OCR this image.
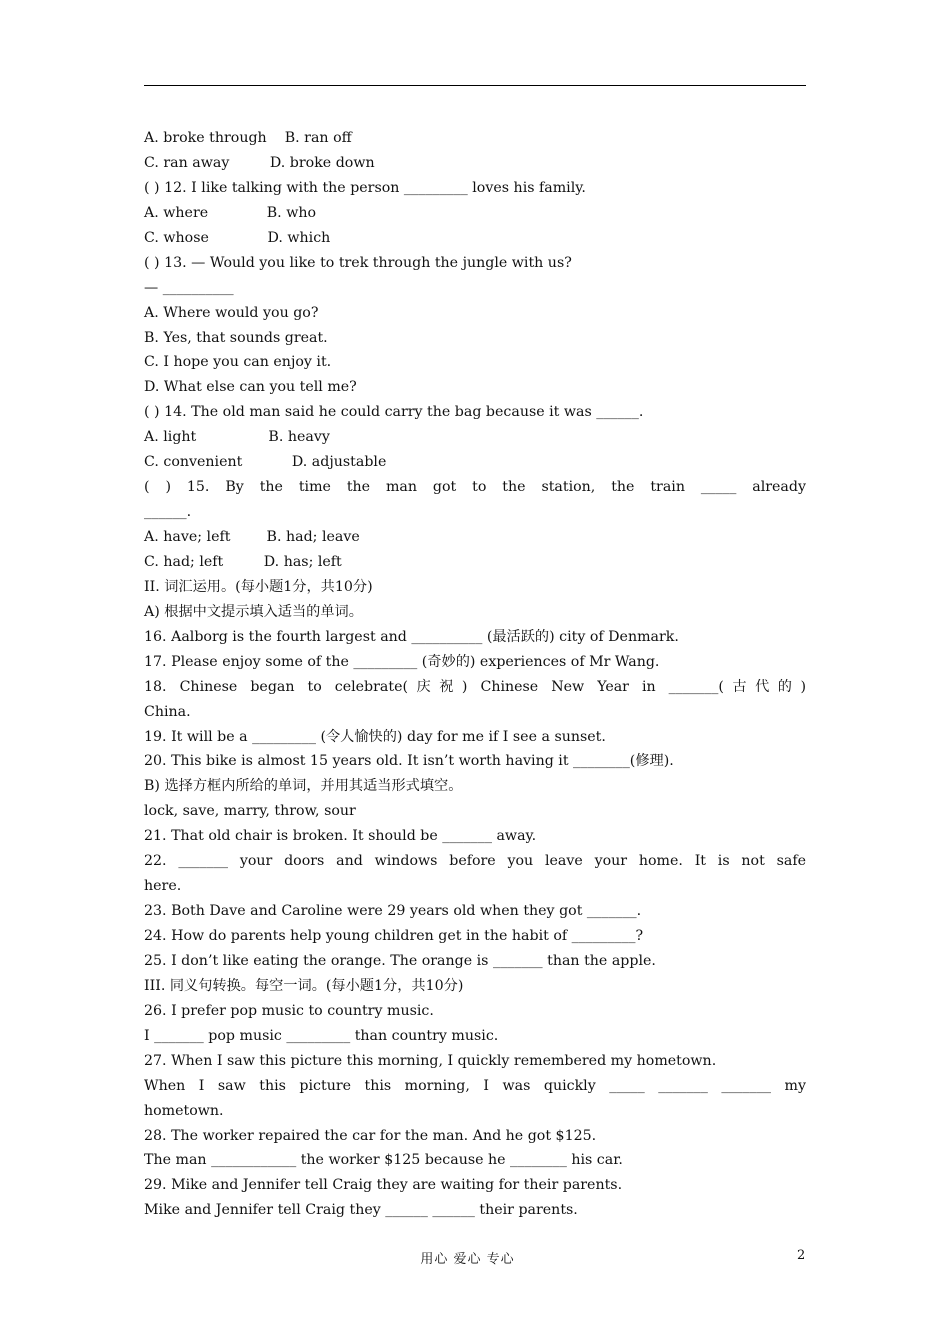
A. broke through    B. ran off
C. ran away         D. broke down
( ) 12. I like talking with the person _________ loves his family.
A. where             B. who
C. whose             D. which
( ) 13. — Would you like to trek through the jungle with us?
— __________
A. Where would you go?
B. Yes, that sounds great.
C. I hope you can enjoy it.
D. What else can you tell me?
( ) 14. The old man said he could carry the bag because it was ______.
A. light                B. heavy
C. convenient           D. adjustable
( ) 15. By the time the man got to the station, the train _____ already
______.
A. have; left        B. had; leave
C. had; left         D. has; left
II. 词汇运用。(每小题1分，共10分)
A) 根据中文提示填入适当的单词。
16. Aalborg is the fourth largest and __________ (最活跃的) city of Denmark.
17. Please enjoy some of the _________ (奇妙的) experiences of Mr Wang.
18. Chinese began to celebrate(庆祝) Chinese New Year in _______(古代的)
China.
19. It will be a _________ (令人愉快的) day for me if I see a sunset.
20. This bike is almost 15 years old. It isn’t worth having it ________(修理).
B) 选择方框内所给的单词，并用其适当形式填空。
lock, save, marry, throw, sour
21. That old chair is broken. It should be _______ away.
22. _______ your doors and windows before you leave your home. It is not safe
here.
23. Both Dave and Caroline were 29 years old when they got _______.
24. How do parents help young children get in the habit of _________?
25. I don’t like eating the orange. The orange is _______ than the apple.
III. 同义句转换。每空一词。(每小题1分，共10分)
26. I prefer pop music to country music.
I _______ pop music _________ than country music.
27. When I saw this picture this morning, I quickly remembered my hometown.
When I saw this picture this morning, I was quickly _____ _______ _______ my
hometown.
28. The worker repaired the car for the man. And he got $125.
The man ____________ the worker $125 because he ________ his car.
29. Mike and Jennifer tell Craig they are waiting for their parents.
Mike and Jennifer tell Craig they ______ ______ their parents.
用心 爱心 专心	2
